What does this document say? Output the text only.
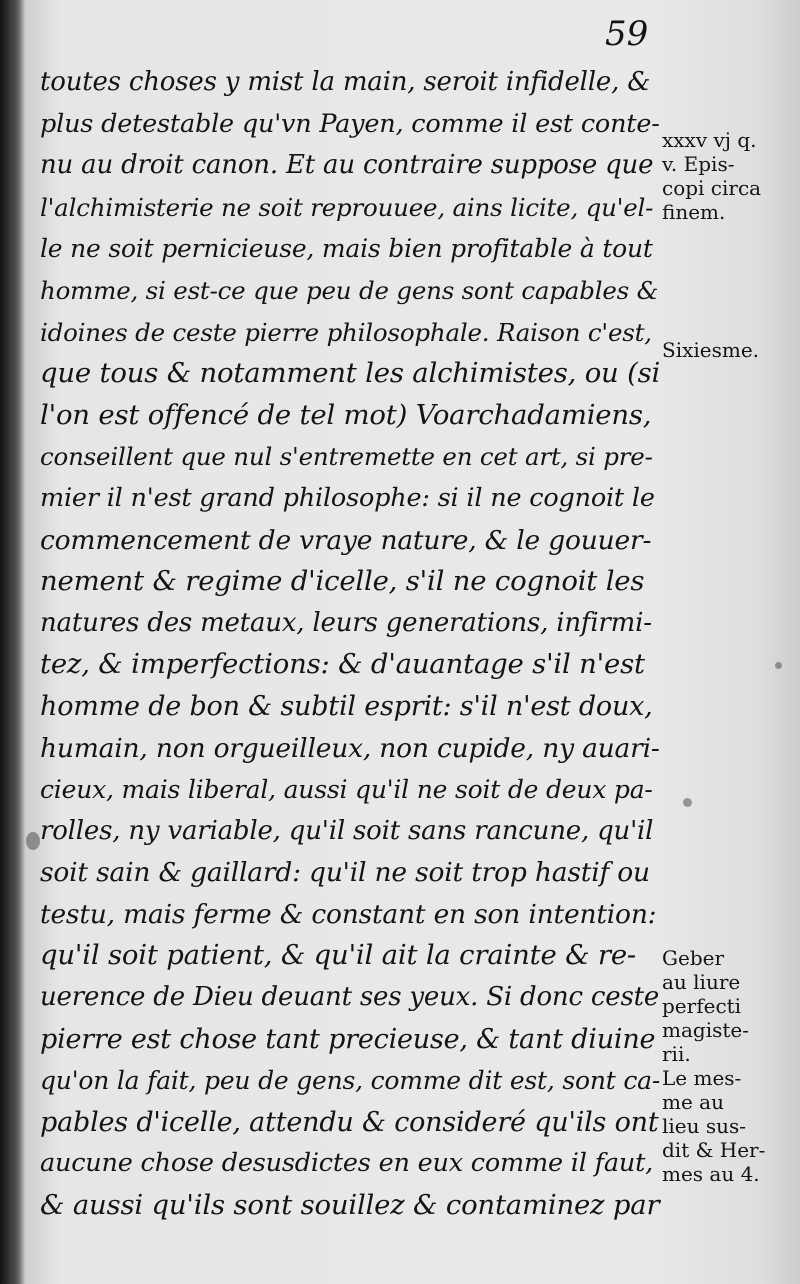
59
toutes choses y mist la main, seroit infidelle, &
plus detestable qu'vn Payen, comme il est conte-
nu au droit canon. Et au contraire suppose que
l'alchimisterie ne soit reprouuee, ains licite, qu'el-
le ne soit pernicieuse, mais bien profitable à tout
homme, si est-ce que peu de gens sont capables &
idoines de ceste pierre philosophale. Raison c'est,
que tous & notamment les alchimistes, ou (si
l'on est offencé de tel mot) Voarchadamiens,
conseillent que nul s'entremette en cet art, si pre-
mier il n'est grand philosophe: si il ne cognoit le
commencement de vraye nature, & le gouuer-
nement & regime d'icelle, s'il ne cognoit les
natures des metaux, leurs generations, infirmi-
tez, & imperfections: & d'auantage s'il n'est
homme de bon & subtil esprit: s'il n'est doux,
humain, non orgueilleux, non cupide, ny auari-
cieux, mais liberal, aussi qu'il ne soit de deux pa-
rolles, ny variable, qu'il soit sans rancune, qu'il
soit sain & gaillard: qu'il ne soit trop hastif ou
testu, mais ferme & constant en son intention:
qu'il soit patient, & qu'il ait la crainte & re-
uerence de Dieu deuant ses yeux. Si donc ceste
pierre est chose tant precieuse, & tant diuine
qu'on la fait, peu de gens, comme dit est, sont ca-
pables d'icelle, attendu & consideré qu'ils ont
aucune chose desusdictes en eux comme il faut,
& aussi qu'ils sont souillez & contaminez par
xxxv vj q.
v. Epis-
copi circa
finem.
Sixiesme.
Geber
au liure
perfecti
magiste-
rii.
Le mes-
me au
lieu sus-
dit & Her-
mes au 4.
